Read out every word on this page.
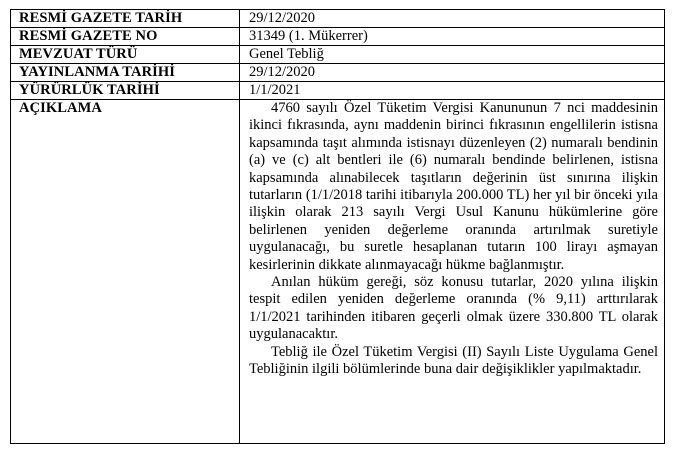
RESMİ GAZETE TARİH	29/12/2020
RESMİ GAZETE NO	31349 (1. Mükerrer)
MEVZUAT TÜRÜ	Genel Tebliğ
YAYINLANMA TARİHİ	29/12/2020
YÜRÜRLÜK TARİHİ	1/1/2021
AÇIKLAMA	4760 sayılı Özel Tüketim Vergisi Kanununun 7 nci maddesinin ikinci fıkrasında, aynı maddenin birinci fıkrasının engellilerin istisna kapsamında taşıt alımında istisnayı düzenleyen (2) numaralı bendinin (a) ve (c) alt bentleri ile (6) numaralı bendinde belirlenen, istisna kapsamında alınabilecek taşıtların değerinin üst sınırına ilişkin tutarların (1/1/2018 tarihi itibarıyla 200.000 TL) her yıl bir önceki yıla ilişkin olarak 213 sayılı Vergi Usul Kanunu hükümlerine göre belirlenen yeniden değerleme oranında artırılmak suretiyle uygulanacağı, bu suretle hesaplanan tutarın 100 lirayı aşmayan kesirlerinin dikkate alınmayacağı hükme bağlanmıştır.

Anılan hüküm gereği, söz konusu tutarlar, 2020 yılına ilişkin tespit edilen yeniden değerleme oranında (% 9,11) arttırılarak 1/1/2021 tarihinden itibaren geçerli olmak üzere 330.800 TL olarak uygulanacaktır.

Tebliğ ile Özel Tüketim Vergisi (II) Sayılı Liste Uygulama Genel Tebliğinin ilgili bölümlerinde buna dair değişiklikler yapılmaktadır.
